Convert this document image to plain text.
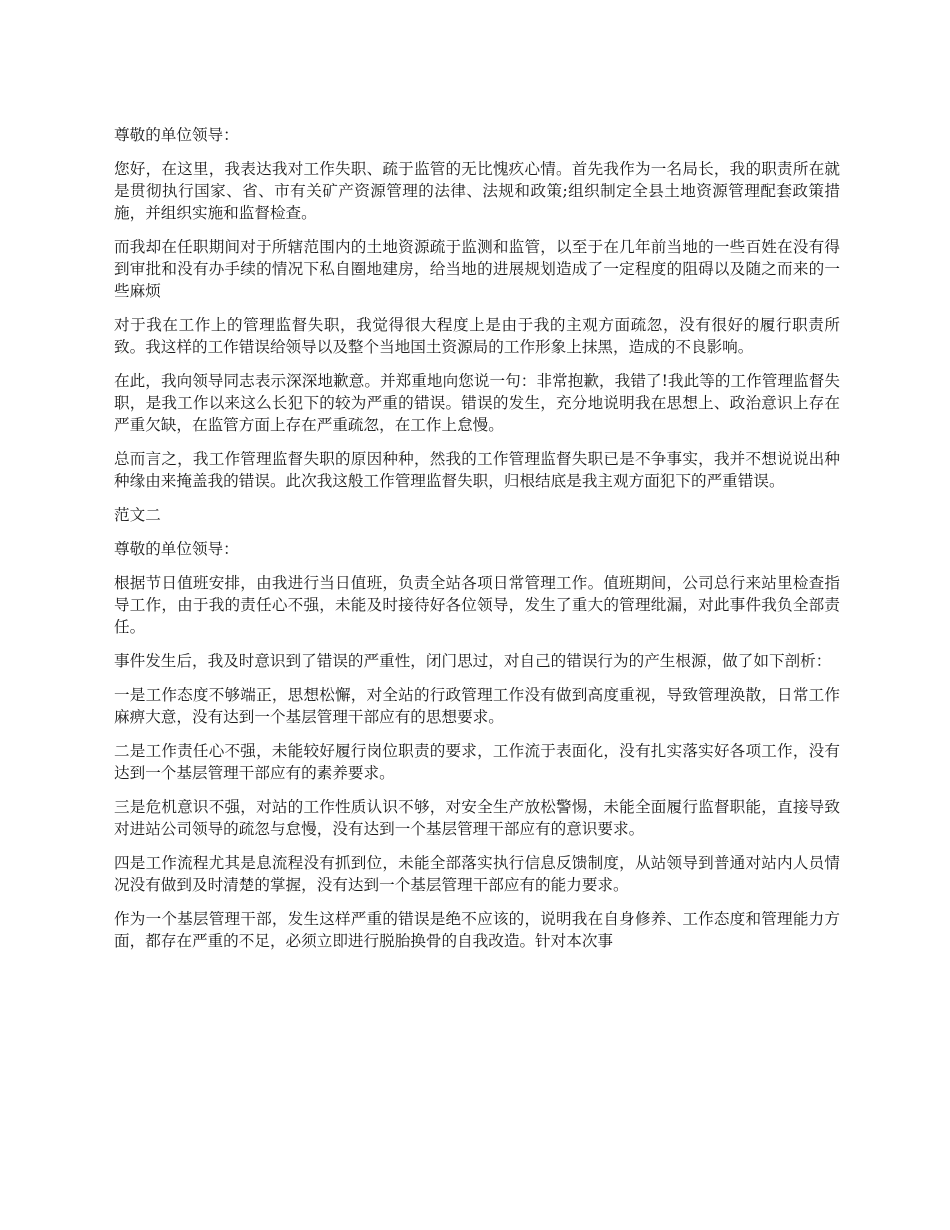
尊敬的单位领导：

您好，在这里，我表达我对工作失职、疏于监管的无比愧疚心情。首先我作为一名局长，我的职责所在就是贯彻执行国家、省、市有关矿产资源管理的法律、法规和政策;组织制定全县土地资源管理配套政策措施，并组织实施和监督检查。

而我却在任职期间对于所辖范围内的土地资源疏于监测和监管，以至于在几年前当地的一些百姓在没有得到审批和没有办手续的情况下私自圈地建房，给当地的进展规划造成了一定程度的阻碍以及随之而来的一些麻烦

对于我在工作上的管理监督失职，我觉得很大程度上是由于我的主观方面疏忽，没有很好的履行职责所致。我这样的工作错误给领导以及整个当地国土资源局的工作形象上抹黑，造成的不良影响。

在此，我向领导同志表示深深地歉意。并郑重地向您说一句：非常抱歉，我错了!我此等的工作管理监督失职，是我工作以来这么长犯下的较为严重的错误。错误的发生，充分地说明我在思想上、政治意识上存在严重欠缺，在监管方面上存在严重疏忽，在工作上怠慢。

总而言之，我工作管理监督失职的原因种种，然我的工作管理监督失职已是不争事实，我并不想说说出种种缘由来掩盖我的错误。此次我这般工作管理监督失职，归根结底是我主观方面犯下的严重错误。

范文二

尊敬的单位领导：

根据节日值班安排，由我进行当日值班，负责全站各项日常管理工作。值班期间，公司总行来站里检查指导工作，由于我的责任心不强，未能及时接待好各位领导，发生了重大的管理纰漏，对此事件我负全部责任。

事件发生后，我及时意识到了错误的严重性，闭门思过，对自己的错误行为的产生根源，做了如下剖析：

一是工作态度不够端正，思想松懈，对全站的行政管理工作没有做到高度重视，导致管理涣散，日常工作麻痹大意，没有达到一个基层管理干部应有的思想要求。

二是工作责任心不强，未能较好履行岗位职责的要求，工作流于表面化，没有扎实落实好各项工作，没有达到一个基层管理干部应有的素养要求。

三是危机意识不强，对站的工作性质认识不够，对安全生产放松警惕，未能全面履行监督职能，直接导致对进站公司领导的疏忽与怠慢，没有达到一个基层管理干部应有的意识要求。

四是工作流程尤其是息流程没有抓到位，未能全部落实执行信息反馈制度，从站领导到普通对站内人员情况没有做到及时清楚的掌握，没有达到一个基层管理干部应有的能力要求。

作为一个基层管理干部，发生这样严重的错误是绝不应该的，说明我在自身修养、工作态度和管理能力方面，都存在严重的不足，必须立即进行脱胎换骨的自我改造。针对本次事
